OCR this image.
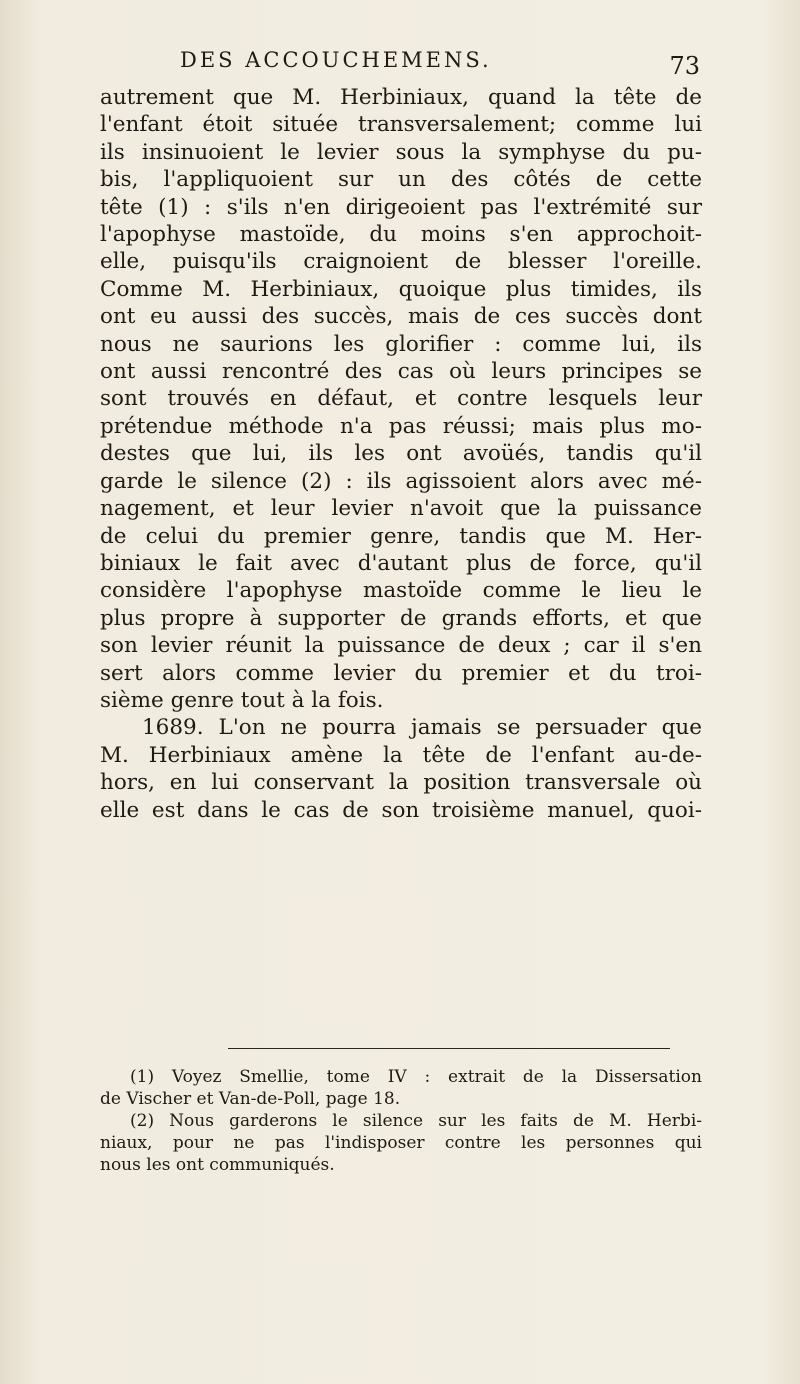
DES ACCOUCHEMENS.	73
autrement que M. Herbiniaux, quand la tête de
l'enfant étoit située transversalement; comme lui
ils insinuoient le levier sous la symphyse du pu-
bis, l'appliquoient sur un des côtés de cette
tête (1) : s'ils n'en dirigeoient pas l'extrémité sur
l'apophyse mastoïde, du moins s'en approchoit-
elle, puisqu'ils craignoient de blesser l'oreille.
Comme M. Herbiniaux, quoique plus timides, ils
ont eu aussi des succès, mais de ces succès dont
nous ne saurions les glorifier : comme lui, ils
ont aussi rencontré des cas où leurs principes se
sont trouvés en défaut, et contre lesquels leur
prétendue méthode n'a pas réussi; mais plus mo-
destes que lui, ils les ont avoüés, tandis qu'il
garde le silence (2) : ils agissoient alors avec mé-
nagement, et leur levier n'avoit que la puissance
de celui du premier genre, tandis que M. Her-
biniaux le fait avec d'autant plus de force, qu'il
considère l'apophyse mastoïde comme le lieu le
plus propre à supporter de grands efforts, et que
son levier réunit la puissance de deux ; car il s'en
sert alors comme levier du premier et du troi-
sième genre tout à la fois.
1689. L'on ne pourra jamais se persuader que
M. Herbiniaux amène la tête de l'enfant au-de-
hors, en lui conservant la position transversale où
elle est dans le cas de son troisième manuel, quoi-
(1) Voyez Smellie, tome IV : extrait de la Dissersation
de Vischer et Van-de-Poll, page 18.
(2) Nous garderons le silence sur les faits de M. Herbi-
niaux, pour ne pas l'indisposer contre les personnes qui
nous les ont communiqués.
